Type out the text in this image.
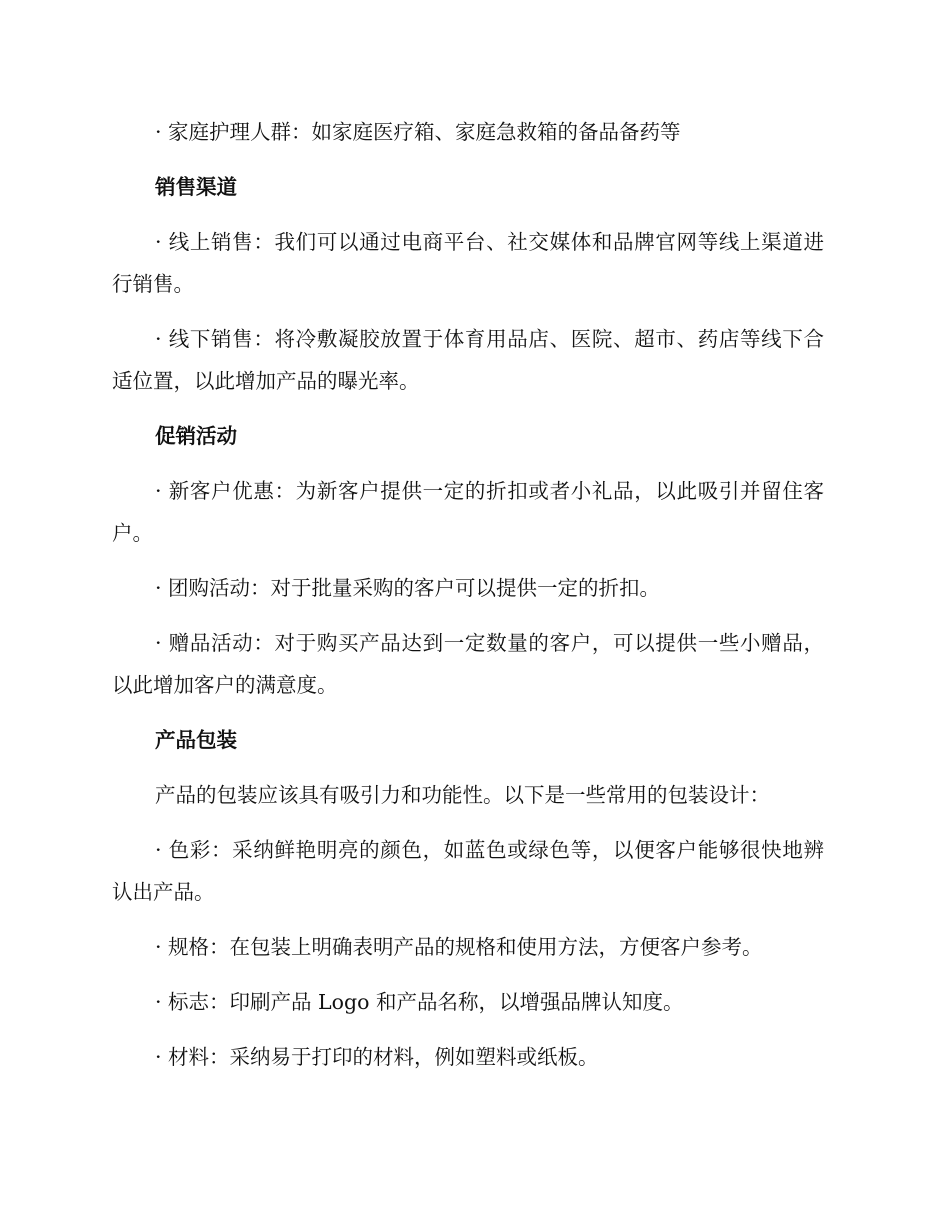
· 家庭护理人群：如家庭医疗箱、家庭急救箱的备品备药等

销售渠道

· 线上销售：我们可以通过电商平台、社交媒体和品牌官网等线上渠道进行销售。

· 线下销售：将冷敷凝胶放置于体育用品店、医院、超市、药店等线下合适位置，以此增加产品的曝光率。

促销活动

· 新客户优惠：为新客户提供一定的折扣或者小礼品，以此吸引并留住客户。

· 团购活动：对于批量采购的客户可以提供一定的折扣。

· 赠品活动：对于购买产品达到一定数量的客户，可以提供一些小赠品，以此增加客户的满意度。

产品包装

产品的包装应该具有吸引力和功能性。以下是一些常用的包装设计：

· 色彩：采纳鲜艳明亮的颜色，如蓝色或绿色等，以便客户能够很快地辨认出产品。

· 规格：在包装上明确表明产品的规格和使用方法，方便客户参考。

· 标志：印刷产品 Logo 和产品名称，以增强品牌认知度。

· 材料：采纳易于打印的材料，例如塑料或纸板。
